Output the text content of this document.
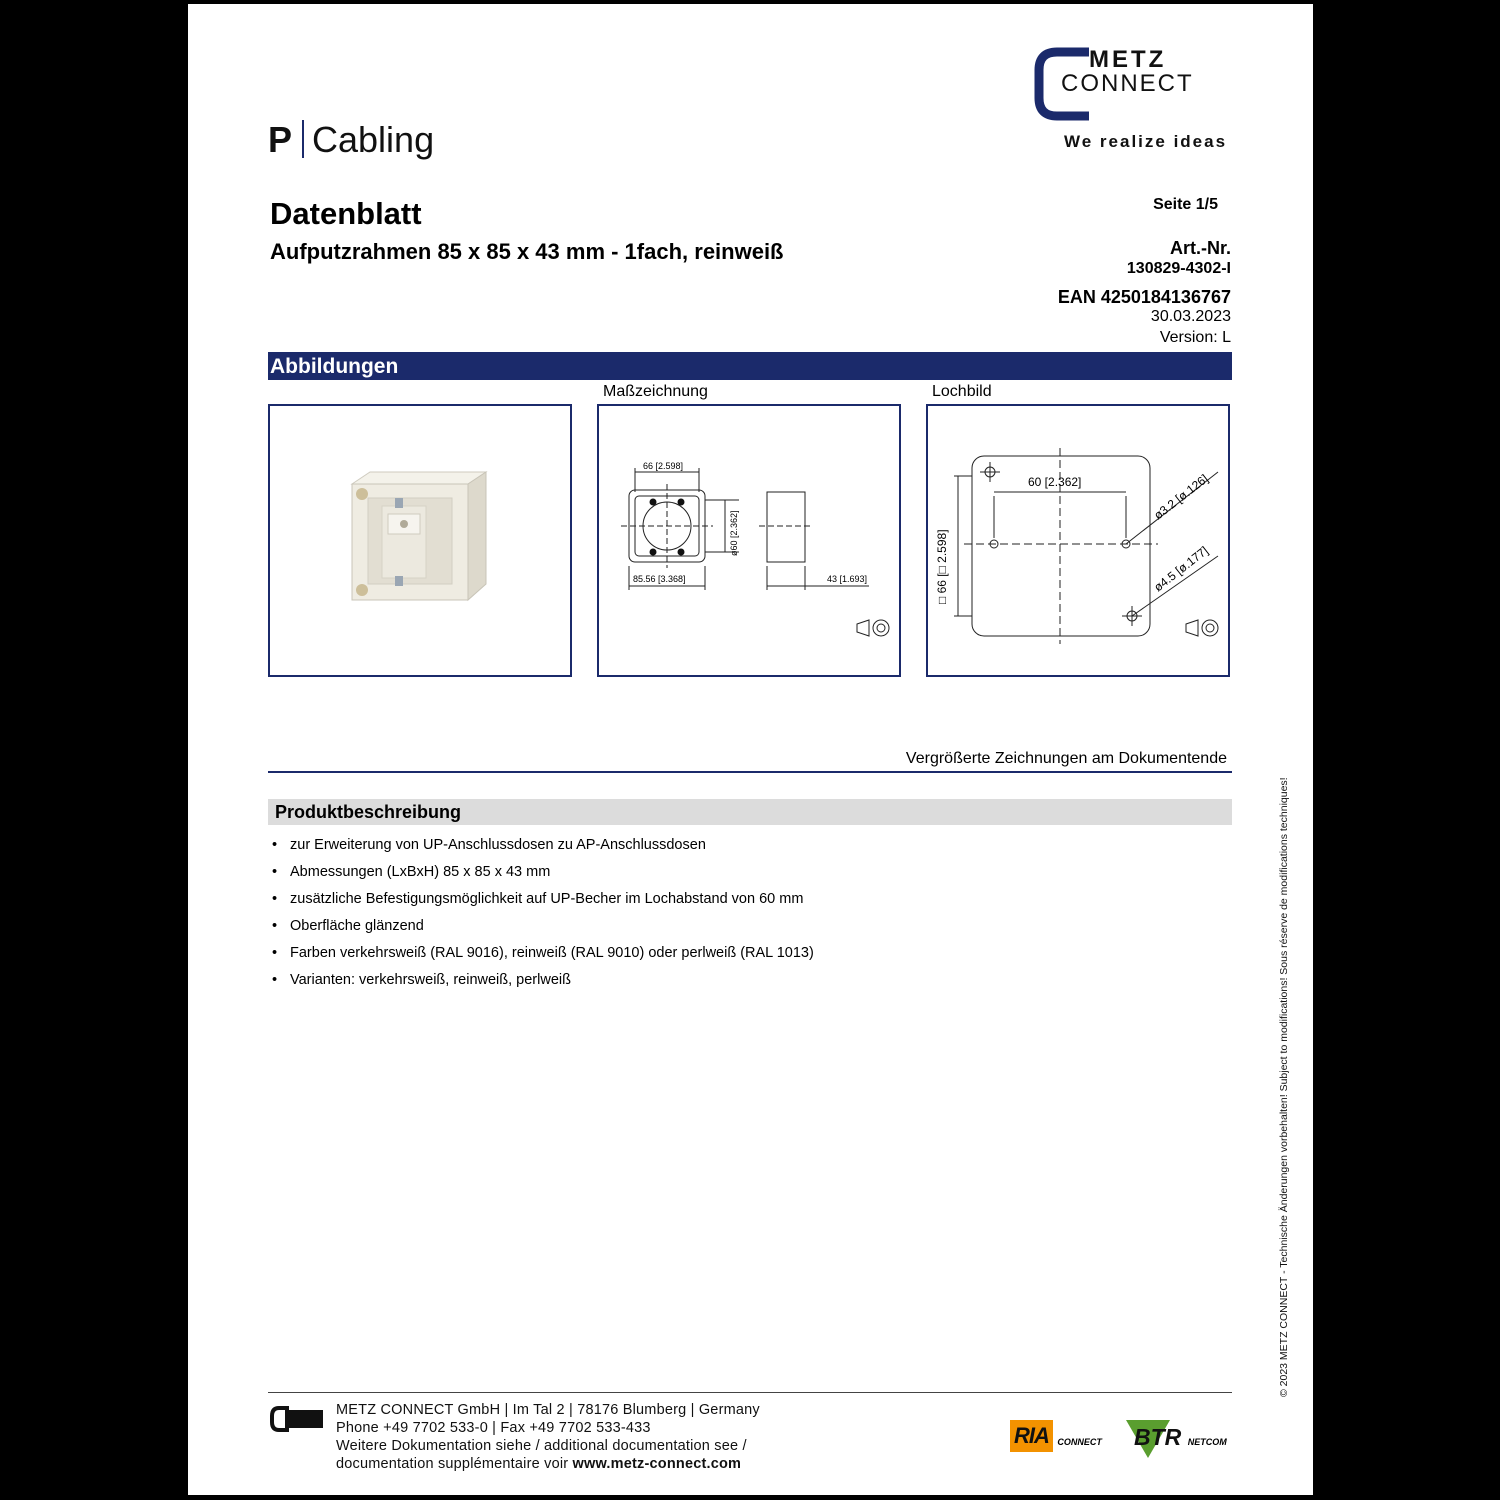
P Cabling
METZ
CONNECT
We realize ideas
Datenblatt
Aufputzrahmen 85 x 85 x 43 mm - 1fach, reinweiß
Seite 1/5
Art.-Nr.
130829-4302-I
EAN 4250184136767
30.03.2023
Version: L
Abbildungen
Maßzeichnung	Lochbild
66 [2.598]
ø60 [2.362]
85.56 [3.368]	43 [1.693]
60 [2.362]	ø3.2 [ø.126]
ø4.5 [ø.177]
□ 66 [□ 2.598]
Vergrößerte Zeichnungen am Dokumentende
Produktbeschreibung
• zur Erweiterung von UP-Anschlussdosen zu AP-Anschlussdosen
• Abmessungen (LxBxH) 85 x 85 x 43 mm
• zusätzliche Befestigungsmöglichkeit auf UP-Becher im Lochabstand von 60 mm
• Oberfläche glänzend
• Farben verkehrsweiß (RAL 9016), reinweiß (RAL 9010) oder perlweiß (RAL 1013)
• Varianten: verkehrsweiß, reinweiß, perlweiß	© 2023 METZ CONNECT - Technische Änderungen vorbehalten! Subject to modifications! Sous réserve de modifications techniques!
METZ CONNECT GmbH | Im Tal 2 | 78176 Blumberg | Germany
Phone +49 7702 533-0 | Fax +49 7702 533-433
Weitere Dokumentation siehe / additional documentation see /
documentation supplémentaire voir www.metz-connect.com
RIA CONNECT	BTR $_{NETCOM}$
